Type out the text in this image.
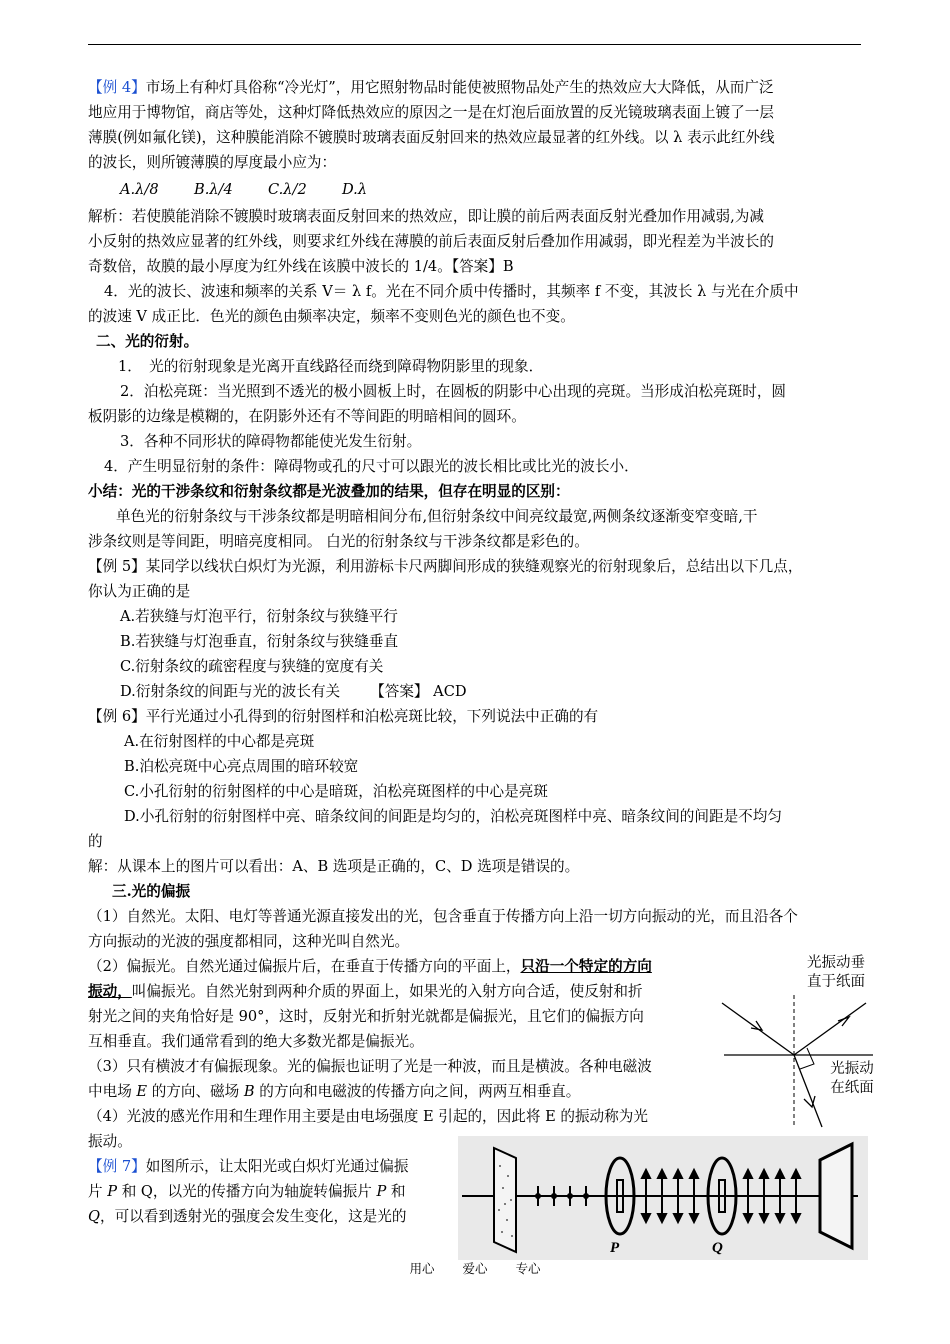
【例 4】市场上有种灯具俗称“冷光灯”，用它照射物品时能使被照物品处产生的热效应大大降低，从而广泛
地应用于博物馆，商店等处，这种灯降低热效应的原因之一是在灯泡后面放置的反光镜玻璃表面上镀了一层
薄膜(例如氟化镁)，这种膜能消除不镀膜时玻璃表面反射回来的热效应最显著的红外线。以 λ 表示此红外线
的波长，则所镀薄膜的厚度最小应为：
A.λ/8 B.λ/4 C.λ/2 D.λ
解析：若使膜能消除不镀膜时玻璃表面反射回来的热效应，即让膜的前后两表面反射光叠加作用减弱,为减
小反射的热效应显著的红外线，则要求红外线在薄膜的前后表面反射后叠加作用减弱，即光程差为半波长的
奇数倍，故膜的最小厚度为红外线在该膜中波长的 1/4。【答案】B
4．光的波长、波速和频率的关系 V＝ λ f。光在不同介质中传播时，其频率 f 不变，其波长 λ 与光在介质中
的波速 V 成正比．色光的颜色由频率决定，频率不变则色光的颜色也不变。
二、光的衍射。
1．　光的衍射现象是光离开直线路径而绕到障碍物阴影里的现象．
2．泊松亮斑：当光照到不透光的极小圆板上时，在圆板的阴影中心出现的亮斑。当形成泊松亮斑时，圆
板阴影的边缘是模糊的，在阴影外还有不等间距的明暗相间的圆环。
3．各种不同形状的障碍物都能使光发生衍射。
4．产生明显衍射的条件：障碍物或孔的尺寸可以跟光的波长相比或比光的波长小．
小结：光的干涉条纹和衍射条纹都是光波叠加的结果，但存在明显的区别：
单色光的衍射条纹与干涉条纹都是明暗相间分布,但衍射条纹中间亮纹最宽,两侧条纹逐渐变窄变暗,干
涉条纹则是等间距，明暗亮度相同。 白光的衍射条纹与干涉条纹都是彩色的。
【例 5】某同学以线状白炽灯为光源，利用游标卡尺两脚间形成的狭缝观察光的衍射现象后，总结出以下几点，
你认为正确的是
A.若狭缝与灯泡平行，衍射条纹与狭缝平行
B.若狭缝与灯泡垂直，衍射条纹与狭缝垂直
C.衍射条纹的疏密程度与狭缝的宽度有关
D.衍射条纹的间距与光的波长有关 【答案】 ACD
【例 6】平行光通过小孔得到的衍射图样和泊松亮斑比较，下列说法中正确的有
A.在衍射图样的中心都是亮斑
B.泊松亮斑中心亮点周围的暗环较宽
C.小孔衍射的衍射图样的中心是暗斑，泊松亮斑图样的中心是亮斑
D.小孔衍射的衍射图样中亮、暗条纹间的间距是均匀的，泊松亮斑图样中亮、暗条纹间的间距是不均匀
的
解：从课本上的图片可以看出：A、B 选项是正确的，C、D 选项是错误的。
三.光的偏振
（1）自然光。太阳、电灯等普通光源直接发出的光，包含垂直于传播方向上沿一切方向振动的光，而且沿各个
方向振动的光波的强度都相同，这种光叫自然光。
（2）偏振光。自然光通过偏振片后，在垂直于传播方向的平面上，只沿一个特定的方向
振动，叫偏振光。自然光射到两种介质的界面上，如果光的入射方向合适，使反射和折
射光之间的夹角恰好是 90°，这时，反射光和折射光就都是偏振光，且它们的偏振方向
互相垂直。我们通常看到的绝大多数光都是偏振光。
（3）只有横波才有偏振现象。光的偏振也证明了光是一种波，而且是横波。各种电磁波
中电场 E 的方向、磁场 B 的方向和电磁波的传播方向之间，两两互相垂直。
（4）光波的感光作用和生理作用主要是由电场强度 E 引起的，因此将 E 的振动称为光
振动。
【例 7】如图所示，让太阳光或白炽灯光通过偏振
片 P 和 Q，以光的传播方向为轴旋转偏振片 P 和
Q，可以看到透射光的强度会发生变化，这是光的
光振动垂
直于纸面
光振动
在纸面
P	Q
用心 爱心 专心
